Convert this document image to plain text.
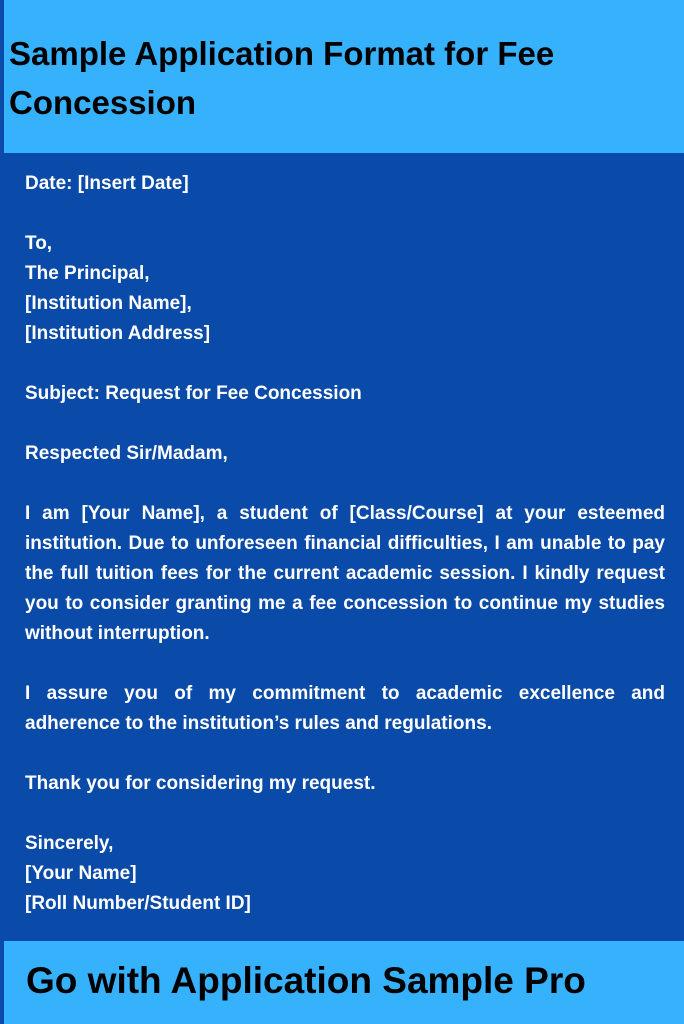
Sample Application Format for Fee Concession

Date: [Insert Date]

To,
The Principal,
[Institution Name],
[Institution Address]

Subject: Request for Fee Concession

Respected Sir/Madam,

I am [Your Name], a student of [Class/Course] at your esteemed institution. Due to unforeseen financial difficulties, I am unable to pay the full tuition fees for the current academic session. I kindly request you to consider granting me a fee concession to continue my studies without interruption.

I assure you of my commitment to academic excellence and adherence to the institution’s rules and regulations.

Thank you for considering my request.

Sincerely,
[Your Name]
[Roll Number/Student ID]

Go with Application Sample Pro
